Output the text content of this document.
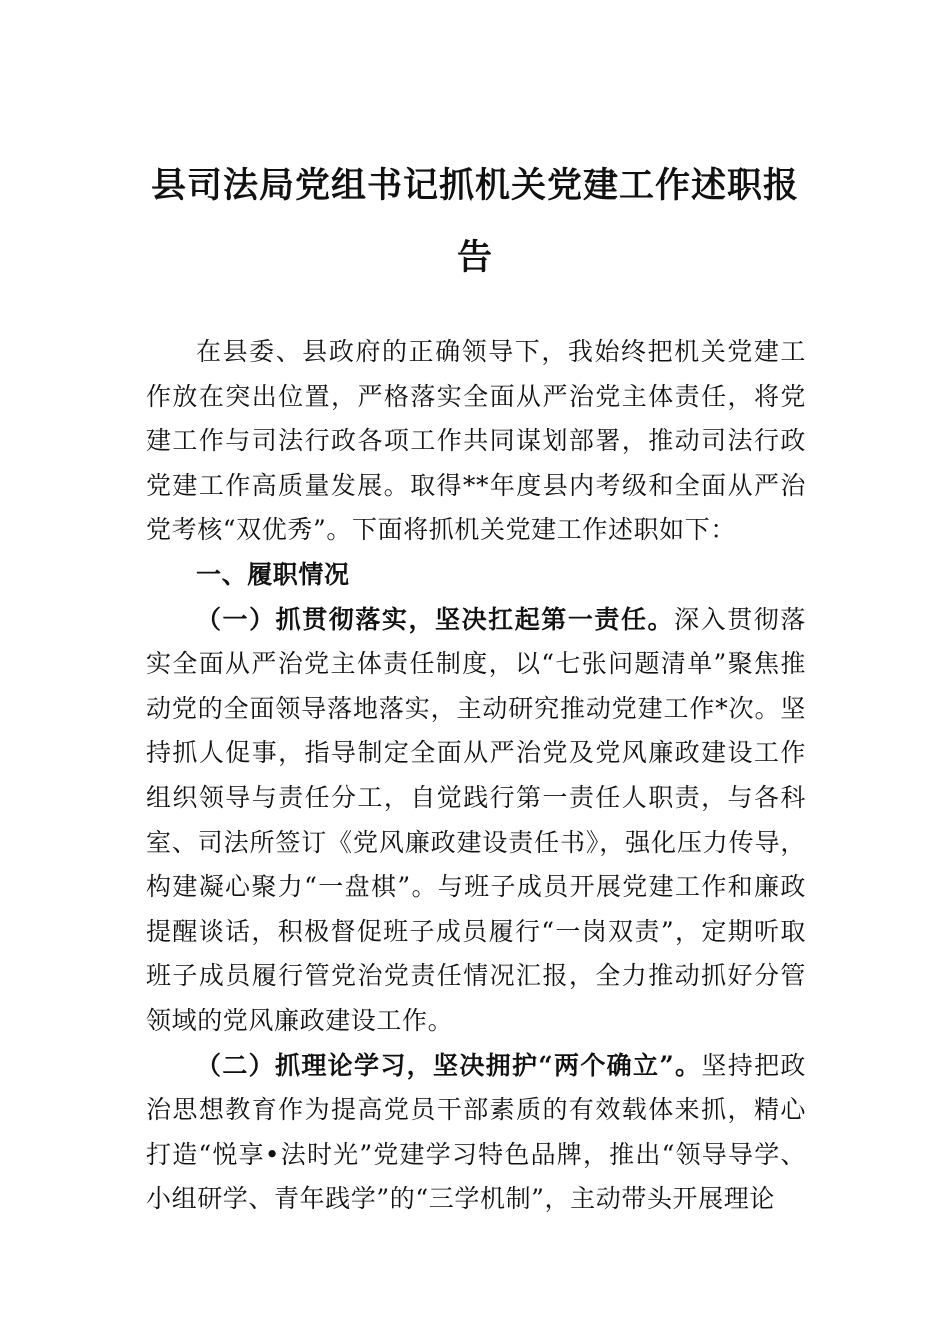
县司法局党组书记抓机关党建工作述职报告

在县委、县政府的正确领导下，我始终把机关党建工作放在突出位置，严格落实全面从严治党主体责任，将党建工作与司法行政各项工作共同谋划部署，推动司法行政党建工作高质量发展。取得**年度县内考级和全面从严治党考核“双优秀”。下面将抓机关党建工作述职如下：

一、履职情况

（一）抓贯彻落实，坚决扛起第一责任。深入贯彻落实全面从严治党主体责任制度，以“七张问题清单”聚焦推动党的全面领导落地落实，主动研究推动党建工作*次。坚持抓人促事，指导制定全面从严治党及党风廉政建设工作组织领导与责任分工，自觉践行第一责任人职责，与各科室、司法所签订《党风廉政建设责任书》，强化压力传导，构建凝心聚力“一盘棋”。与班子成员开展党建工作和廉政提醒谈话，积极督促班子成员履行“一岗双责”，定期听取班子成员履行管党治党责任情况汇报，全力推动抓好分管领域的党风廉政建设工作。

（二）抓理论学习，坚决拥护“两个确立”。坚持把政治思想教育作为提高党员干部素质的有效载体来抓，精心打造“悦享•法时光”党建学习特色品牌，推出“领导导学、小组研学、青年践学”的“三学机制”，主动带头开展理论
